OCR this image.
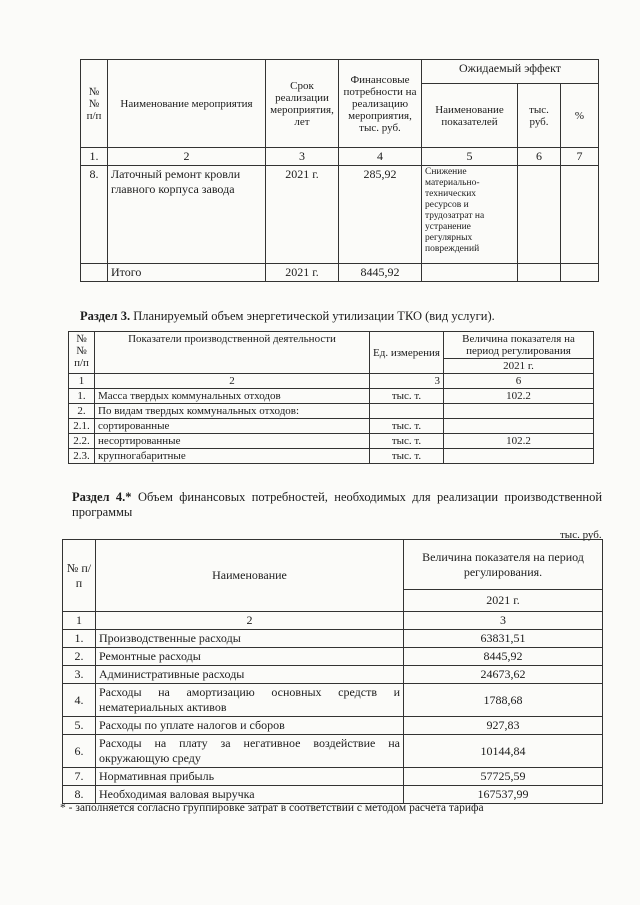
№№ п/п	Наименование мероприятия	Срок реализации мероприятия, лет	Финансовые потребности на реализацию мероприятия, тыс. руб.	Ожидаемый эффект		
				Наименование показателей	тыс. руб.	%
1.	2	3	4	5	6	7
8.	Латочный ремонт кровли главного корпуса завода	2021 г.	285,92	Снижение материально-технических ресурсов и трудозатрат на устранение регулярных повреждений		
	Итого	2021 г.	8445,92			
Раздел 3. Планируемый объем энергетической утилизации ТКО (вид услуги).
№№ п/п	Показатели производственной деятельности	Ед. измерения	Величина показателя на период регулирования
			2021 г.
1	2	3	6
1.	Масса твердых коммунальных отходов	тыс. т.	102.2
2.	По видам твердых коммунальных отходов:		
2.1.	сортированные	тыс. т.	
2.2.	несортированные	тыс. т.	102.2
2.3.	крупногабаритные	тыс. т.	
Раздел 4.* Объем финансовых потребностей, необходимых для реализации производственной программы
тыс. руб.
№ п/п	Наименование	Величина показателя на период регулирования.
		2021 г.
1	2	3
1.	Производственные расходы	63831,51
2.	Ремонтные расходы	8445,92
3.	Административные расходы	24673,62
4.	Расходы на амортизацию основных средств и нематериальных активов	1788,68
5.	Расходы по уплате налогов и сборов	927,83
6.	Расходы на плату за негативное воздействие на окружающую среду	10144,84
7.	Нормативная прибыль	57725,59
8.	Необходимая валовая выручка	167537,99
* - заполняется согласно группировке затрат в соответствии с методом расчета тарифа
